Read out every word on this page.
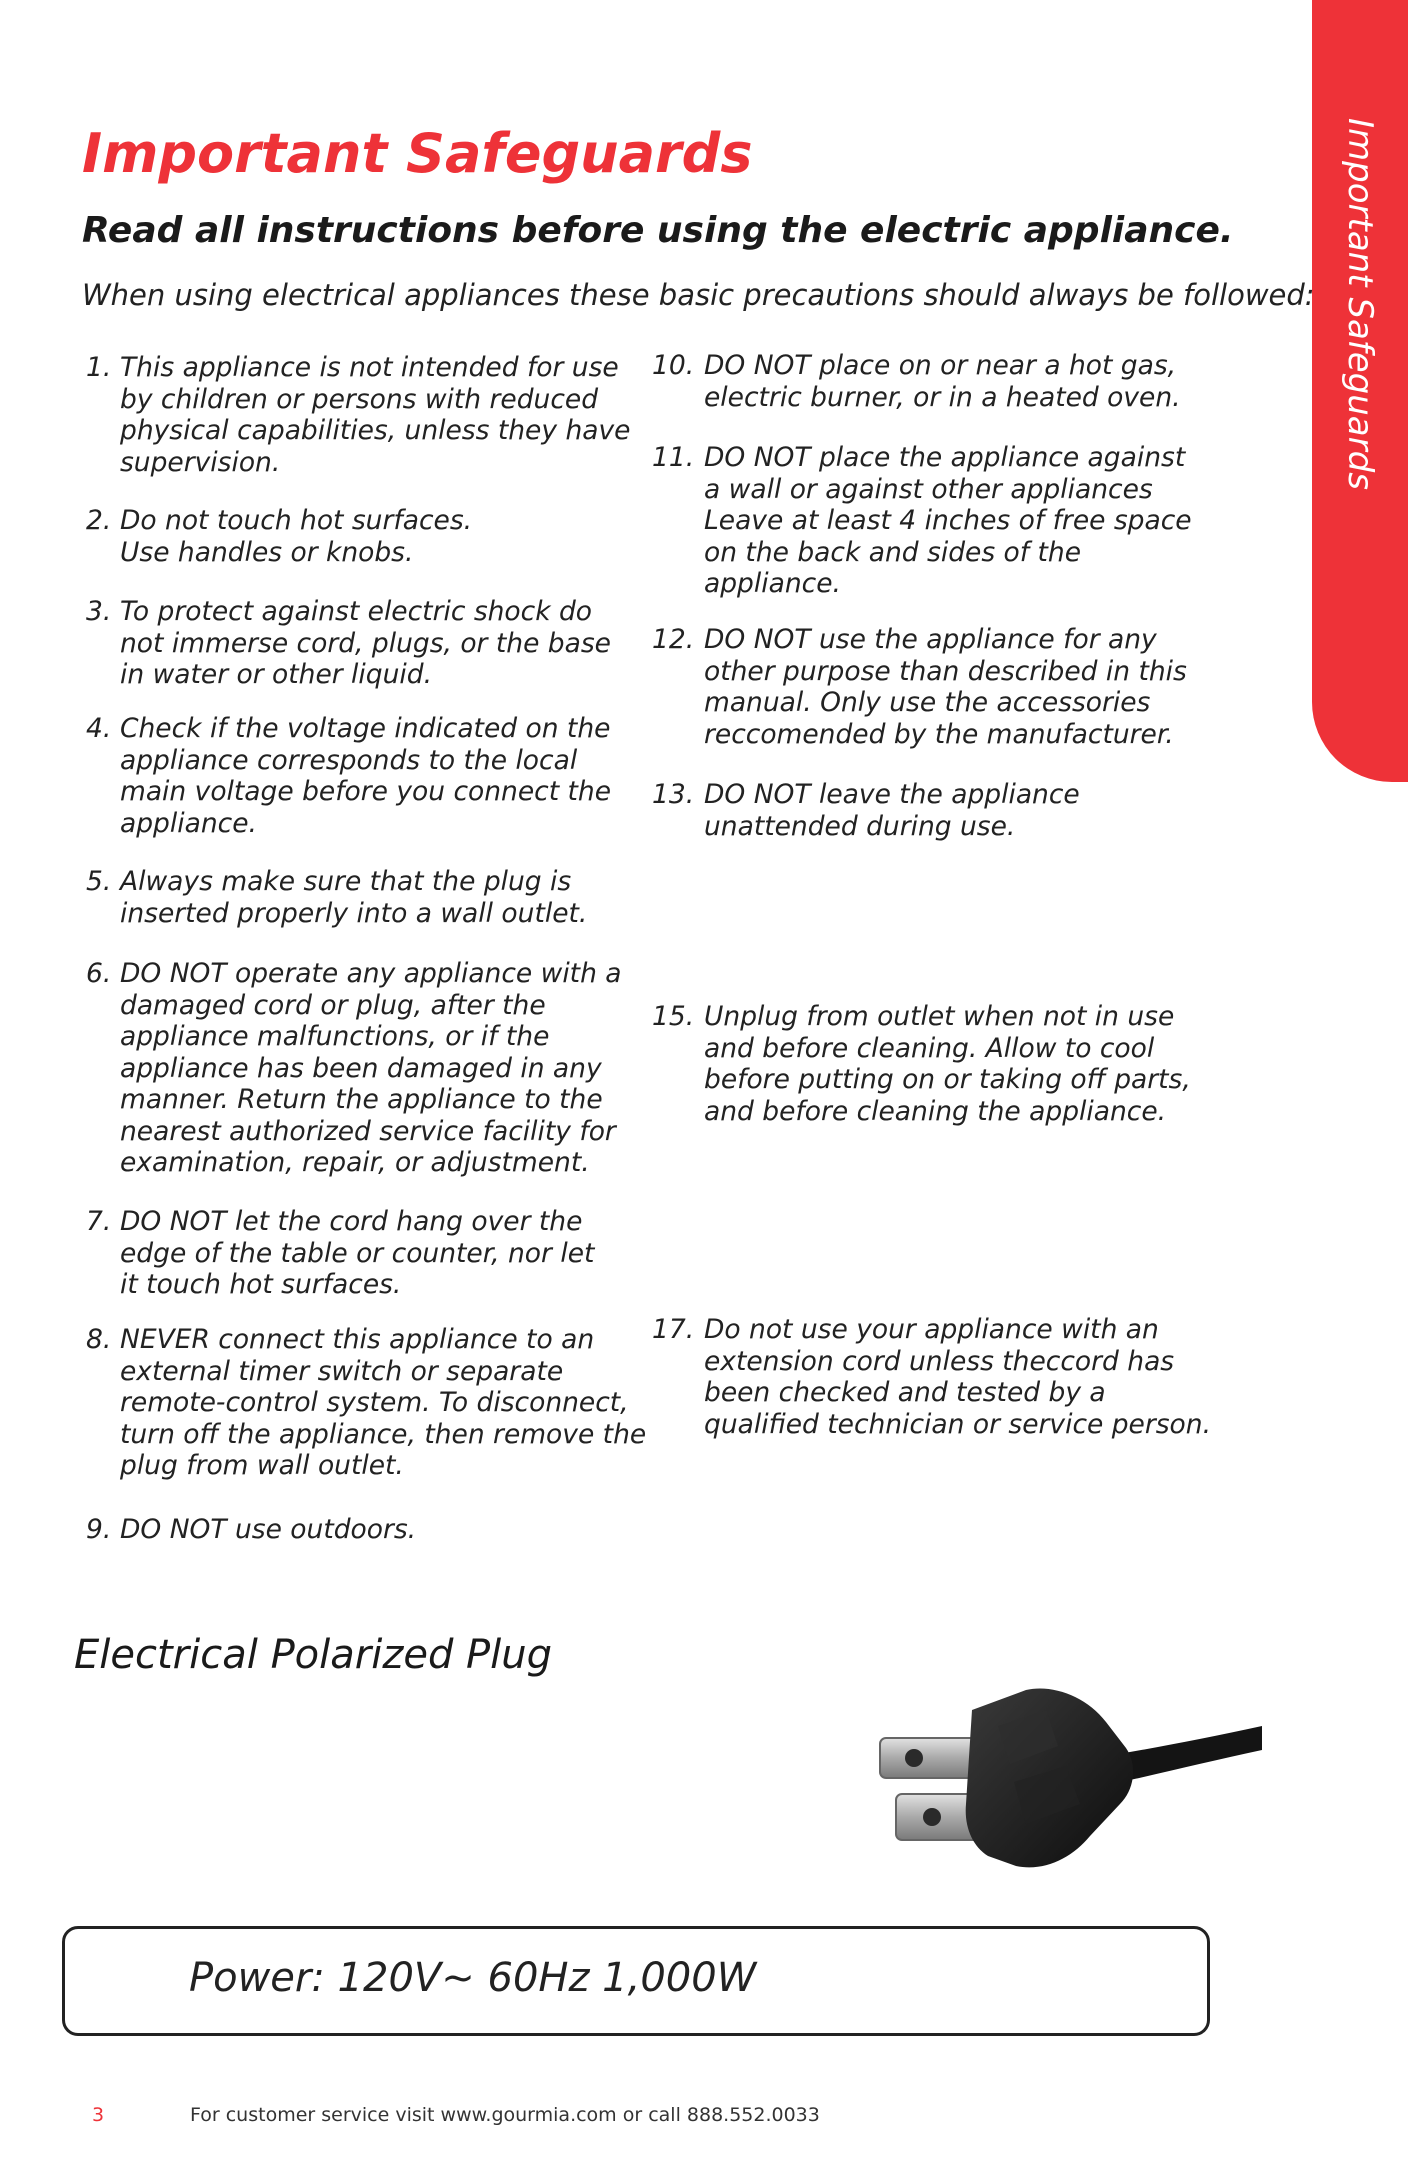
Important Safeguards
Important Safeguards
Read all instructions before using the electric appliance.

When using electrical appliances these basic precautions should always be followed:

1. This appliance is not intended for use by children or persons with reduced physical capabilities, unless they have supervision.
2. Do not touch hot surfaces. Use handles or knobs.
3. To protect against electric shock do not immerse cord, plugs, or the base in water or other liquid.
4. Check if the voltage indicated on the appliance corresponds to the local main voltage before you connect the appliance.
5. Always make sure that the plug is inserted properly into a wall outlet.
6. DO NOT operate any appliance with a damaged cord or plug, after the appliance malfunctions, or if the appliance has been damaged in any manner. Return the appliance to the nearest authorized service facility for examination, repair, or adjustment.
7. DO NOT let the cord hang over the edge of the table or counter, nor let it touch hot surfaces.
8. NEVER connect this appliance to an external timer switch or separate remote-control system. To disconnect, turn off the appliance, then remove the plug from wall outlet.
9. DO NOT use outdoors.
10. DO NOT place on or near a hot gas, electric burner, or in a heated oven.
11. DO NOT place the appliance against a wall or against other appliances Leave at least 4 inches of free space on the back and sides of the appliance.
12. DO NOT use the appliance for any other purpose than described in this manual. Only use the accessories reccomended by the manufacturer.
13. DO NOT leave the appliance unattended during use.
15. Unplug from outlet when not in use and before cleaning. Allow to cool before putting on or taking off parts, and before cleaning the appliance.
17. Do not use your appliance with an extension cord unless theccord has been checked and tested by a qualified technician or service person.
Electrical Polarized Plug
Power: 120V~ 60Hz 1,000W
3	For customer service visit www.gourmia.com or call 888.552.0033
